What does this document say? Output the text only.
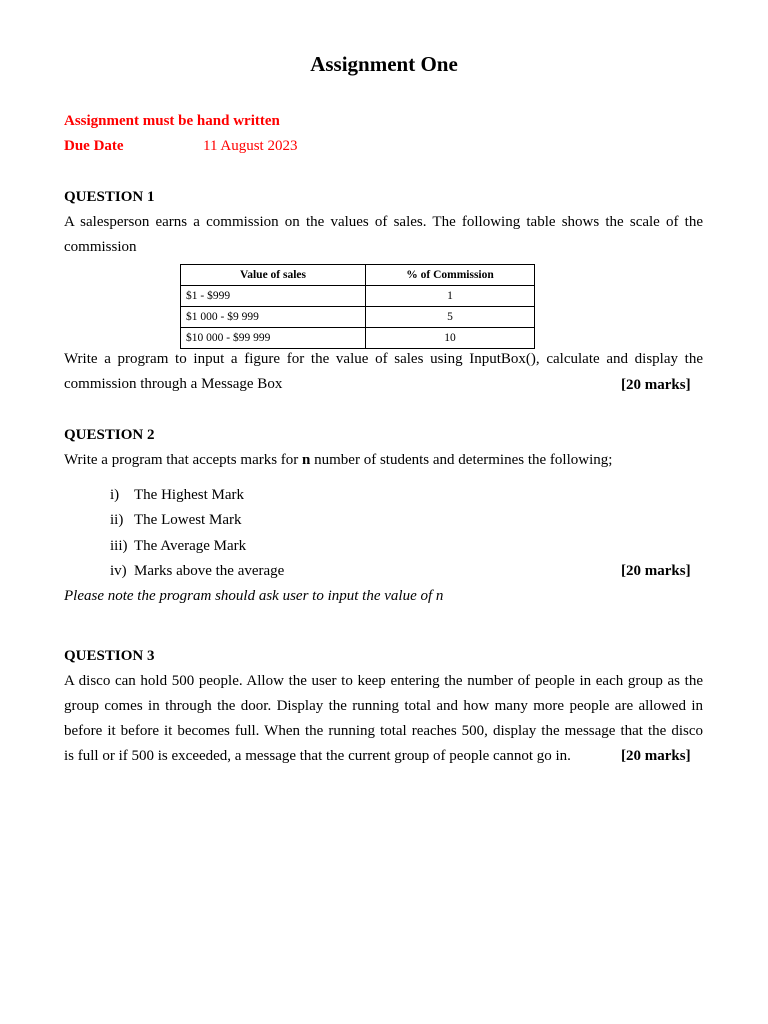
Assignment One
Assignment must be hand written
Due Date	11 August 2023
QUESTION 1
A salesperson earns a commission on the values of sales. The following table shows the scale of the
commission
Value of sales	% of Commission
$1 - $999	1
$1 000 - $9 999	5
$10 000 - $99 999	10
Write a program to input a figure for the value of sales using InputBox(), calculate and display the
commission through a Message Box	[20 marks]
QUESTION 2
Write a program that accepts marks for n number of students and determines the following;
i) The Highest Mark
ii) The Lowest Mark
iii) The Average Mark
iv) Marks above the average	[20 marks]
Please note the program should ask user to input the value of n
QUESTION 3
A disco can hold 500 people. Allow the user to keep entering the number of people in each group as the
group comes in through the door. Display the running total and how many more people are allowed in
before it before it becomes full. When the running total reaches 500, display the message that the disco
is full or if 500 is exceeded, a message that the current group of people cannot go in.	[20 marks]
